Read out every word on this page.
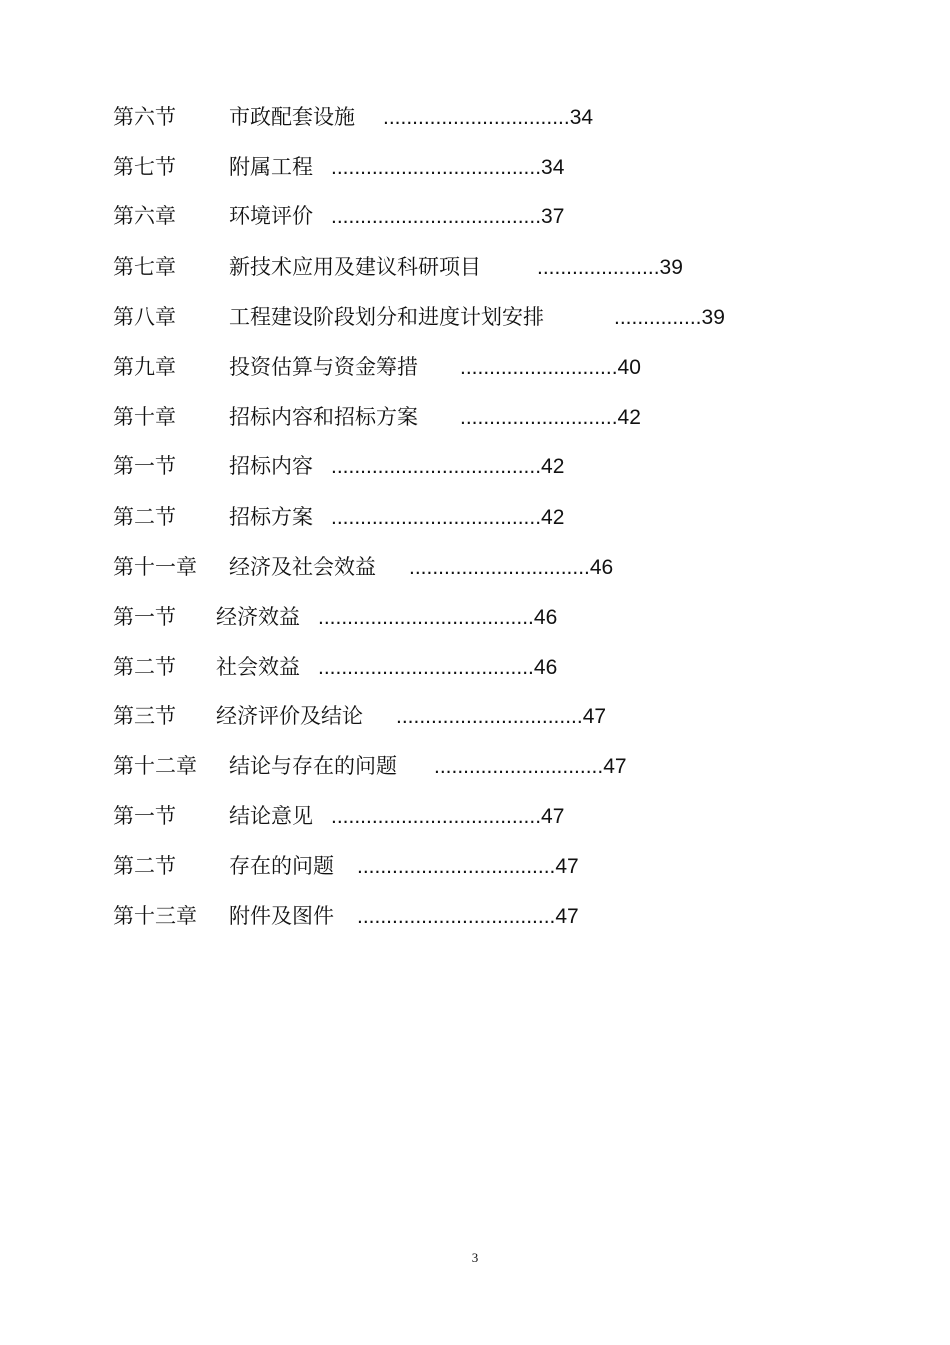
第六节	市政配套设施 ................................34
第七节	附属工程 ....................................34
第六章	环境评价 ....................................37
第七章	新技术应用及建议科研项目	.....................39
第八章	工程建设阶段划分和进度计划安排	...............39
第九章	投资估算与资金筹措 ...........................40
第十章	招标内容和招标方案 ...........................42
第一节	招标内容 ....................................42
第二节	招标方案 ....................................42
第十一章 经济及社会效益 ...............................46
第一节 经济效益 .....................................46
第二节 社会效益 .....................................46
第三节 经济评价及结论 ................................47
第十二章 结论与存在的问题 .............................47
第一节	结论意见 ....................................47
第二节	存在的问题 ..................................47
第十三章 附件及图件 ..................................47
3
